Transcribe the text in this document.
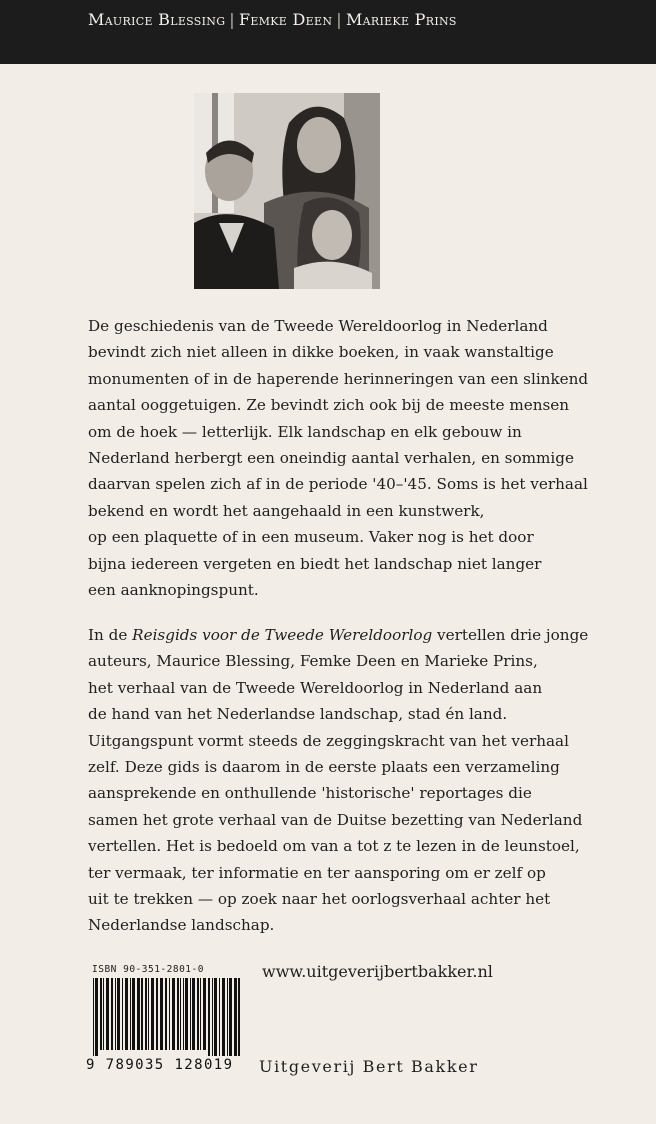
Maurice Blessing | Femke Deen | Marieke Prins

De geschiedenis van de Tweede Wereldoorlog in Nederland
bevindt zich niet alleen in dikke boeken, in vaak wanstaltige
monumenten of in de haperende herinneringen van een slinkend
aantal ooggetuigen. Ze bevindt zich ook bij de meeste mensen
om de hoek — letterlijk. Elk landschap en elk gebouw in
Nederland herbergt een oneindig aantal verhalen, en sommige
daarvan spelen zich af in de periode '40–'45. Soms is het verhaal
bekend en wordt het aangehaald in een kunstwerk,
op een plaquette of in een museum. Vaker nog is het door
bijna iedereen vergeten en biedt het landschap niet langer
een aanknopingspunt.

In de Reisgids voor de Tweede Wereldoorlog vertellen drie jonge
auteurs, Maurice Blessing, Femke Deen en Marieke Prins,
het verhaal van de Tweede Wereldoorlog in Nederland aan
de hand van het Nederlandse landschap, stad én land.
Uitgangspunt vormt steeds de zeggingskracht van het verhaal
zelf. Deze gids is daarom in de eerste plaats een verzameling
aansprekende en onthullende 'historische' reportages die
samen het grote verhaal van de Duitse bezetting van Nederland
vertellen. Het is bedoeld om van a tot z te lezen in de leunstoel,
ter vermaak, ter informatie en ter aansporing om er zelf op
uit te trekken — op zoek naar het oorlogsverhaal achter het
Nederlandse landschap.

ISBN 90-351-2801-0
9 789035 128019
www.uitgeverijbertbakker.nl
Uitgeverij Bert Bakker
